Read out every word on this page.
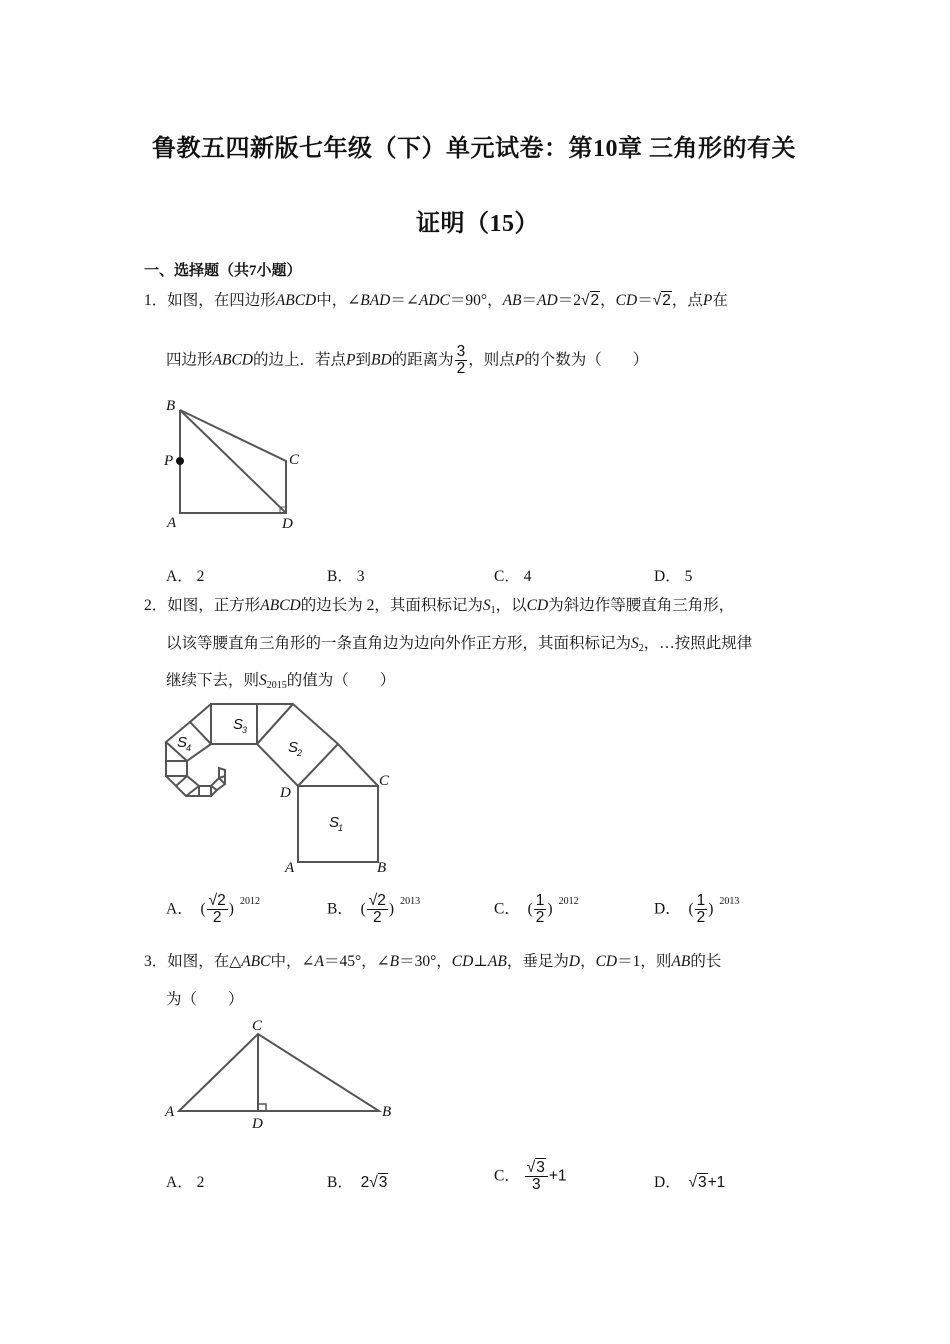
鲁教五四新版七年级（下）单元试卷：第10章 三角形的有关
证明（15）
一、选择题（共7小题）
1．如图，在四边形ABCD中，∠BAD＝∠ADC＝90°，AB＝AD＝2√2，CD＝√2，点P在
四边形ABCD的边上．若点P到BD的距离为 $\frac{3}{2}$ ，则点P的个数为（　　）
B
P	C
A	D
A． 2	B． 3	C． 4	D． 5
2．如图，正方形ABCD的边长为 2，其面积标记为$S_1$，以CD为斜边作等腰直角三角形，
以该等腰直角三角形的一条直角边为边向外作正方形，其面积标记为$S_2$，…按照此规律
继续下去，则$S_{2015}$的值为（　　）
S
3
S
4	S
2
S
1
D
C
A	B
A．  ( $\frac{√2}{2}$ ) $^{2012}$	B．  ( $\frac{√2}{2}$ ) $^{2013}$	C．  ( $\frac{1}{2}$ ) $^{2012}$	D．  ( $\frac{1}{2}$ ) $^{2013}$
3．如图，在△ABC中，∠A＝45°，∠B＝30°，CD⊥AB，垂足为D，CD＝1，则AB的长
为（　　）
C
A
D
B
A． 2	B． 2√3	C． $\frac{√3}{3} +1$	D． √3+1
